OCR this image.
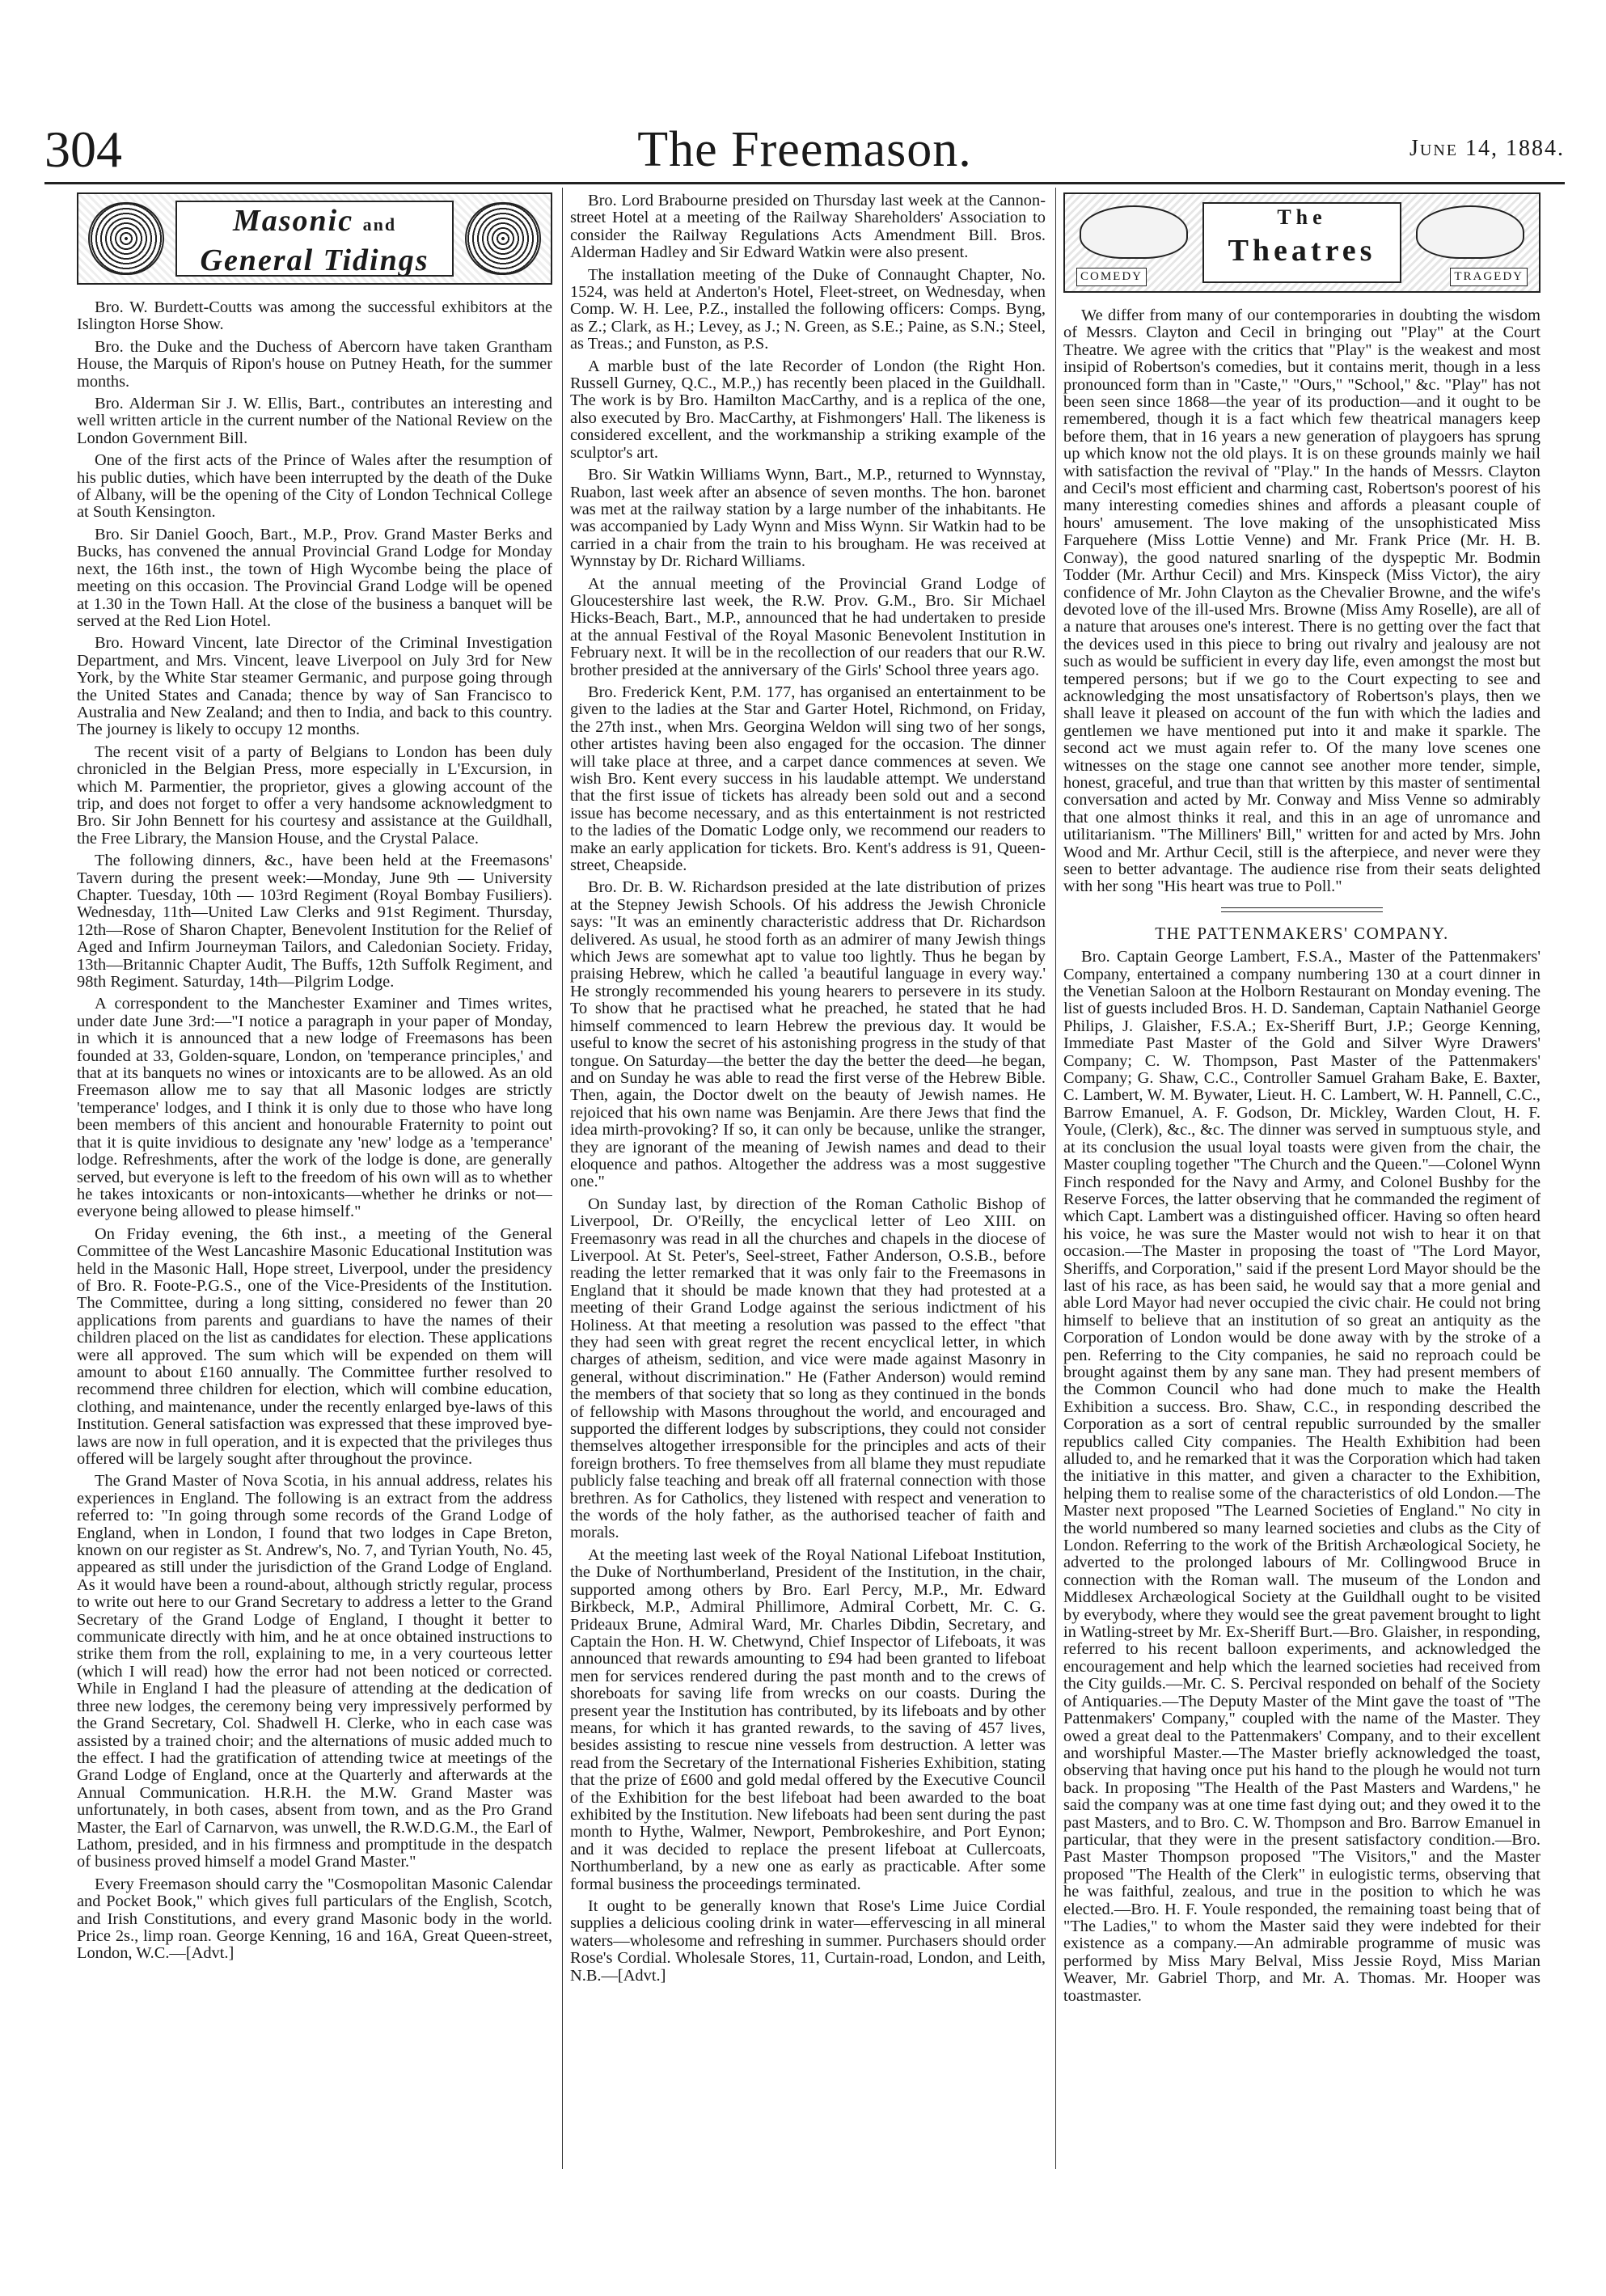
304	The Freemason.	June 14, 1884.
Masonic and
General Tidings

Bro. W. Burdett-Coutts was among the successful exhibitors at the Islington Horse Show.

Bro. the Duke and the Duchess of Abercorn have taken Grantham House, the Marquis of Ripon's house on Putney Heath, for the summer months.

Bro. Alderman Sir J. W. Ellis, Bart., contributes an interesting and well written article in the current number of the National Review on the London Government Bill.

One of the first acts of the Prince of Wales after the resumption of his public duties, which have been interrupted by the death of the Duke of Albany, will be the opening of the City of London Technical College at South Kensington.

Bro. Sir Daniel Gooch, Bart., M.P., Prov. Grand Master Berks and Bucks, has convened the annual Provincial Grand Lodge for Monday next, the 16th inst., the town of High Wycombe being the place of meeting on this occasion. The Provincial Grand Lodge will be opened at 1.30 in the Town Hall. At the close of the business a banquet will be served at the Red Lion Hotel.

Bro. Howard Vincent, late Director of the Criminal Investigation Department, and Mrs. Vincent, leave Liverpool on July 3rd for New York, by the White Star steamer Germanic, and purpose going through the United States and Canada; thence by way of San Francisco to Australia and New Zealand; and then to India, and back to this country. The journey is likely to occupy 12 months.

The recent visit of a party of Belgians to London has been duly chronicled in the Belgian Press, more especially in L'Excursion, in which M. Parmentier, the proprietor, gives a glowing account of the trip, and does not forget to offer a very handsome acknowledgment to Bro. Sir John Bennett for his courtesy and assistance at the Guildhall, the Free Library, the Mansion House, and the Crystal Palace.

The following dinners, &c., have been held at the Freemasons' Tavern during the present week:—Monday, June 9th — University Chapter. Tuesday, 10th — 103rd Regiment (Royal Bombay Fusiliers). Wednesday, 11th—United Law Clerks and 91st Regiment. Thursday, 12th—Rose of Sharon Chapter, Benevolent Institution for the Relief of Aged and Infirm Journeyman Tailors, and Caledonian Society. Friday, 13th—Britannic Chapter Audit, The Buffs, 12th Suffolk Regiment, and 98th Regiment. Saturday, 14th—Pilgrim Lodge.

A correspondent to the Manchester Examiner and Times writes, under date June 3rd:—"I notice a paragraph in your paper of Monday, in which it is announced that a new lodge of Freemasons has been founded at 33, Golden-square, London, on 'temperance principles,' and that at its banquets no wines or intoxicants are to be allowed. As an old Freemason allow me to say that all Masonic lodges are strictly 'temperance' lodges, and I think it is only due to those who have long been members of this ancient and honourable Fraternity to point out that it is quite invidious to designate any 'new' lodge as a 'temperance' lodge. Refreshments, after the work of the lodge is done, are generally served, but everyone is left to the freedom of his own will as to whether he takes intoxicants or non-intoxicants—whether he drinks or not—everyone being allowed to please himself."

On Friday evening, the 6th inst., a meeting of the General Committee of the West Lancashire Masonic Educational Institution was held in the Masonic Hall, Hope street, Liverpool, under the presidency of Bro. R. Foote-P.G.S., one of the Vice-Presidents of the Institution. The Committee, during a long sitting, considered no fewer than 20 applications from parents and guardians to have the names of their children placed on the list as candidates for election. These applications were all approved. The sum which will be expended on them will amount to about £160 annually. The Committee further resolved to recommend three children for election, which will combine education, clothing, and maintenance, under the recently enlarged bye-laws of this Institution. General satisfaction was expressed that these improved bye-laws are now in full operation, and it is expected that the privileges thus offered will be largely sought after throughout the province.

The Grand Master of Nova Scotia, in his annual address, relates his experiences in England. The following is an extract from the address referred to: "In going through some records of the Grand Lodge of England, when in London, I found that two lodges in Cape Breton, known on our register as St. Andrew's, No. 7, and Tyrian Youth, No. 45, appeared as still under the jurisdiction of the Grand Lodge of England. As it would have been a round-about, although strictly regular, process to write out here to our Grand Secretary to address a letter to the Grand Secretary of the Grand Lodge of England, I thought it better to communicate directly with him, and he at once obtained instructions to strike them from the roll, explaining to me, in a very courteous letter (which I will read) how the error had not been noticed or corrected. While in England I had the pleasure of attending at the dedication of three new lodges, the ceremony being very impressively performed by the Grand Secretary, Col. Shadwell H. Clerke, who in each case was assisted by a trained choir; and the alternations of music added much to the effect. I had the gratification of attending twice at meetings of the Grand Lodge of England, once at the Quarterly and afterwards at the Annual Communication. H.R.H. the M.W. Grand Master was unfortunately, in both cases, absent from town, and as the Pro Grand Master, the Earl of Carnarvon, was unwell, the R.W.D.G.M., the Earl of Lathom, presided, and in his firmness and promptitude in the despatch of business proved himself a model Grand Master."

Every Freemason should carry the "Cosmopolitan Masonic Calendar and Pocket Book," which gives full particulars of the English, Scotch, and Irish Constitutions, and every grand Masonic body in the world. Price 2s., limp roan. George Kenning, 16 and 16A, Great Queen-street, London, W.C.—[Advt.]

Bro. Lord Brabourne presided on Thursday last week at the Cannon-street Hotel at a meeting of the Railway Shareholders' Association to consider the Railway Regulations Acts Amendment Bill. Bros. Alderman Hadley and Sir Edward Watkin were also present.

The installation meeting of the Duke of Connaught Chapter, No. 1524, was held at Anderton's Hotel, Fleet-street, on Wednesday, when Comp. W. H. Lee, P.Z., installed the following officers: Comps. Byng, as Z.; Clark, as H.; Levey, as J.; N. Green, as S.E.; Paine, as S.N.; Steel, as Treas.; and Funston, as P.S.

A marble bust of the late Recorder of London (the Right Hon. Russell Gurney, Q.C., M.P.,) has recently been placed in the Guildhall. The work is by Bro. Hamilton MacCarthy, and is a replica of the one, also executed by Bro. MacCarthy, at Fishmongers' Hall. The likeness is considered excellent, and the workmanship a striking example of the sculptor's art.

Bro. Sir Watkin Williams Wynn, Bart., M.P., returned to Wynnstay, Ruabon, last week after an absence of seven months. The hon. baronet was met at the railway station by a large number of the inhabitants. He was accompanied by Lady Wynn and Miss Wynn. Sir Watkin had to be carried in a chair from the train to his brougham. He was received at Wynnstay by Dr. Richard Williams.

At the annual meeting of the Provincial Grand Lodge of Gloucestershire last week, the R.W. Prov. G.M., Bro. Sir Michael Hicks-Beach, Bart., M.P., announced that he had undertaken to preside at the annual Festival of the Royal Masonic Benevolent Institution in February next. It will be in the recollection of our readers that our R.W. brother presided at the anniversary of the Girls' School three years ago.

Bro. Frederick Kent, P.M. 177, has organised an entertainment to be given to the ladies at the Star and Garter Hotel, Richmond, on Friday, the 27th inst., when Mrs. Georgina Weldon will sing two of her songs, other artistes having been also engaged for the occasion. The dinner will take place at three, and a carpet dance commences at seven. We wish Bro. Kent every success in his laudable attempt. We understand that the first issue of tickets has already been sold out and a second issue has become necessary, and as this entertainment is not restricted to the ladies of the Domatic Lodge only, we recommend our readers to make an early application for tickets. Bro. Kent's address is 91, Queen-street, Cheapside.

Bro. Dr. B. W. Richardson presided at the late distribution of prizes at the Stepney Jewish Schools. Of his address the Jewish Chronicle says: "It was an eminently characteristic address that Dr. Richardson delivered. As usual, he stood forth as an admirer of many Jewish things which Jews are somewhat apt to value too lightly. Thus he began by praising Hebrew, which he called 'a beautiful language in every way.' He strongly recommended his young hearers to persevere in its study. To show that he practised what he preached, he stated that he had himself commenced to learn Hebrew the previous day. It would be useful to know the secret of his astonishing progress in the study of that tongue. On Saturday—the better the day the better the deed—he began, and on Sunday he was able to read the first verse of the Hebrew Bible. Then, again, the Doctor dwelt on the beauty of Jewish names. He rejoiced that his own name was Benjamin. Are there Jews that find the idea mirth-provoking? If so, it can only be because, unlike the stranger, they are ignorant of the meaning of Jewish names and dead to their eloquence and pathos. Altogether the address was a most suggestive one."

On Sunday last, by direction of the Roman Catholic Bishop of Liverpool, Dr. O'Reilly, the encyclical letter of Leo XIII. on Freemasonry was read in all the churches and chapels in the diocese of Liverpool. At St. Peter's, Seel-street, Father Anderson, O.S.B., before reading the letter remarked that it was only fair to the Freemasons in England that it should be made known that they had protested at a meeting of their Grand Lodge against the serious indictment of his Holiness. At that meeting a resolution was passed to the effect "that they had seen with great regret the recent encyclical letter, in which charges of atheism, sedition, and vice were made against Masonry in general, without discrimination." He (Father Anderson) would remind the members of that society that so long as they continued in the bonds of fellowship with Masons throughout the world, and encouraged and supported the different lodges by subscriptions, they could not consider themselves altogether irresponsible for the principles and acts of their foreign brothers. To free themselves from all blame they must repudiate publicly false teaching and break off all fraternal connection with those brethren. As for Catholics, they listened with respect and veneration to the words of the holy father, as the authorised teacher of faith and morals.

At the meeting last week of the Royal National Lifeboat Institution, the Duke of Northumberland, President of the Institution, in the chair, supported among others by Bro. Earl Percy, M.P., Mr. Edward Birkbeck, M.P., Admiral Phillimore, Admiral Corbett, Mr. C. G. Prideaux Brune, Admiral Ward, Mr. Charles Dibdin, Secretary, and Captain the Hon. H. W. Chetwynd, Chief Inspector of Lifeboats, it was announced that rewards amounting to £94 had been granted to lifeboat men for services rendered during the past month and to the crews of shoreboats for saving life from wrecks on our coasts. During the present year the Institution has contributed, by its lifeboats and by other means, for which it has granted rewards, to the saving of 457 lives, besides assisting to rescue nine vessels from destruction. A letter was read from the Secretary of the International Fisheries Exhibition, stating that the prize of £600 and gold medal offered by the Executive Council of the Exhibition for the best lifeboat had been awarded to the boat exhibited by the Institution. New lifeboats had been sent during the past month to Hythe, Walmer, Newport, Pembrokeshire, and Port Eynon; and it was decided to replace the present lifeboat at Cullercoats, Northumberland, by a new one as early as practicable. After some formal business the proceedings terminated.

It ought to be generally known that Rose's Lime Juice Cordial supplies a delicious cooling drink in water—effervescing in all mineral waters—wholesome and refreshing in summer. Purchasers should order Rose's Cordial. Wholesale Stores, 11, Curtain-road, London, and Leith, N.B.—[Advt.]

COMEDY
The
Theatres
TRAGEDY

We differ from many of our contemporaries in doubting the wisdom of Messrs. Clayton and Cecil in bringing out "Play" at the Court Theatre. We agree with the critics that "Play" is the weakest and most insipid of Robertson's comedies, but it contains merit, though in a less pronounced form than in "Caste," "Ours," "School," &c. "Play" has not been seen since 1868—the year of its production—and it ought to be remembered, though it is a fact which few theatrical managers keep before them, that in 16 years a new generation of playgoers has sprung up which know not the old plays. It is on these grounds mainly we hail with satisfaction the revival of "Play." In the hands of Messrs. Clayton and Cecil's most efficient and charming cast, Robertson's poorest of his many interesting comedies shines and affords a pleasant couple of hours' amusement. The love making of the unsophisticated Miss Farquehere (Miss Lottie Venne) and Mr. Frank Price (Mr. H. B. Conway), the good natured snarling of the dyspeptic Mr. Bodmin Todder (Mr. Arthur Cecil) and Mrs. Kinspeck (Miss Victor), the airy confidence of Mr. John Clayton as the Chevalier Browne, and the wife's devoted love of the ill-used Mrs. Browne (Miss Amy Roselle), are all of a nature that arouses one's interest. There is no getting over the fact that the devices used in this piece to bring out rivalry and jealousy are not such as would be sufficient in every day life, even amongst the most but tempered persons; but if we go to the Court expecting to see and acknowledging the most unsatisfactory of Robertson's plays, then we shall leave it pleased on account of the fun with which the ladies and gentlemen we have mentioned put into it and make it sparkle. The second act we must again refer to. Of the many love scenes one witnesses on the stage one cannot see another more tender, simple, honest, graceful, and true than that written by this master of sentimental conversation and acted by Mr. Conway and Miss Venne so admirably that one almost thinks it real, and this in an age of unromance and utilitarianism. "The Milliners' Bill," written for and acted by Mrs. John Wood and Mr. Arthur Cecil, still is the afterpiece, and never were they seen to better advantage. The audience rise from their seats delighted with her song "His heart was true to Poll."

THE PATTENMAKERS' COMPANY.

Bro. Captain George Lambert, F.S.A., Master of the Pattenmakers' Company, entertained a company numbering 130 at a court dinner in the Venetian Saloon at the Holborn Restaurant on Monday evening. The list of guests included Bros. H. D. Sandeman, Captain Nathaniel George Philips, J. Glaisher, F.S.A.; Ex-Sheriff Burt, J.P.; George Kenning, Immediate Past Master of the Gold and Silver Wyre Drawers' Company; C. W. Thompson, Past Master of the Pattenmakers' Company; G. Shaw, C.C., Controller Samuel Graham Bake, E. Baxter, C. Lambert, W. M. Bywater, Lieut. H. C. Lambert, W. H. Pannell, C.C., Barrow Emanuel, A. F. Godson, Dr. Mickley, Warden Clout, H. F. Youle, (Clerk), &c., &c. The dinner was served in sumptuous style, and at its conclusion the usual loyal toasts were given from the chair, the Master coupling together "The Church and the Queen."—Colonel Wynn Finch responded for the Navy and Army, and Colonel Bushby for the Reserve Forces, the latter observing that he commanded the regiment of which Capt. Lambert was a distinguished officer. Having so often heard his voice, he was sure the Master would not wish to hear it on that occasion.—The Master in proposing the toast of "The Lord Mayor, Sheriffs, and Corporation," said if the present Lord Mayor should be the last of his race, as has been said, he would say that a more genial and able Lord Mayor had never occupied the civic chair. He could not bring himself to believe that an institution of so great an antiquity as the Corporation of London would be done away with by the stroke of a pen. Referring to the City companies, he said no reproach could be brought against them by any sane man. They had present members of the Common Council who had done much to make the Health Exhibition a success. Bro. Shaw, C.C., in responding described the Corporation as a sort of central republic surrounded by the smaller republics called City companies. The Health Exhibition had been alluded to, and he remarked that it was the Corporation which had taken the initiative in this matter, and given a character to the Exhibition, helping them to realise some of the characteristics of old London.—The Master next proposed "The Learned Societies of England." No city in the world numbered so many learned societies and clubs as the City of London. Referring to the work of the British Archæological Society, he adverted to the prolonged labours of Mr. Collingwood Bruce in connection with the Roman wall. The museum of the London and Middlesex Archæological Society at the Guildhall ought to be visited by everybody, where they would see the great pavement brought to light in Watling-street by Mr. Ex-Sheriff Burt.—Bro. Glaisher, in responding, referred to his recent balloon experiments, and acknowledged the encouragement and help which the learned societies had received from the City guilds.—Mr. C. S. Percival responded on behalf of the Society of Antiquaries.—The Deputy Master of the Mint gave the toast of "The Pattenmakers' Company," coupled with the name of the Master. They owed a great deal to the Pattenmakers' Company, and to their excellent and worshipful Master.—The Master briefly acknowledged the toast, observing that having once put his hand to the plough he would not turn back. In proposing "The Health of the Past Masters and Wardens," he said the company was at one time fast dying out; and they owed it to the past Masters, and to Bro. C. W. Thompson and Bro. Barrow Emanuel in particular, that they were in the present satisfactory condition.—Bro. Past Master Thompson proposed "The Visitors," and the Master proposed "The Health of the Clerk" in eulogistic terms, observing that he was faithful, zealous, and true in the position to which he was elected.—Bro. H. F. Youle responded, the remaining toast being that of "The Ladies," to whom the Master said they were indebted for their existence as a company.—An admirable programme of music was performed by Miss Mary Belval, Miss Jessie Royd, Miss Marian Weaver, Mr. Gabriel Thorp, and Mr. A. Thomas. Mr. Hooper was toastmaster.
